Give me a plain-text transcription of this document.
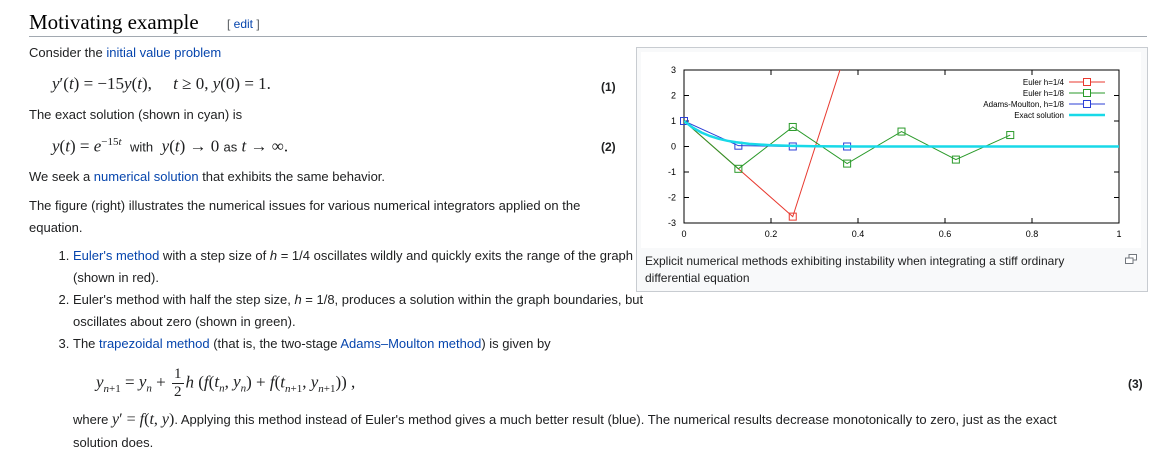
Motivating example [ edit ]
Consider the initial value problem
y′(t) = −15y(t),  t ≥ 0, y(0) = 1.	(1)
The exact solution (shown in cyan) is
$y(t) = e^{-15t}$  with  y(t) → 0 as t → ∞.	(2)
We seek a numerical solution that exhibits the same behavior.
The figure (right) illustrates the numerical issues for various numerical integrators applied on the equation.
1. Euler's method with a step size of h = 1/4 oscillates wildly and quickly exits the range of the graph (shown in red).
2. Euler's method with half the step size, h = 1/8, produces a solution within the graph boundaries, but oscillates about zero (shown in green).
3. The trapezoidal method (that is, the two-stage Adams–Moulton method) is given by
$y_{n+1} = y_n + \frac{1}{2}$ h ($f(t_n$, $y_n) + f(t_{n+1}$, $y_{n+1}$)) ,	(3)
where y′ = f(t, y). Applying this method instead of Euler's method gives a much better result (blue). The numerical results decrease monotonically to zero, just as the exact
solution does.
3
2
1
0
-1
-2
-3
0	0.2	0.4	0.6	0.8	1
Euler h=1/4
Euler h=1/8
Adams-Moulton, h=1/8
Exact solution
Explicit numerical methods exhibiting instability when integrating a stiff ordinary differential equation
